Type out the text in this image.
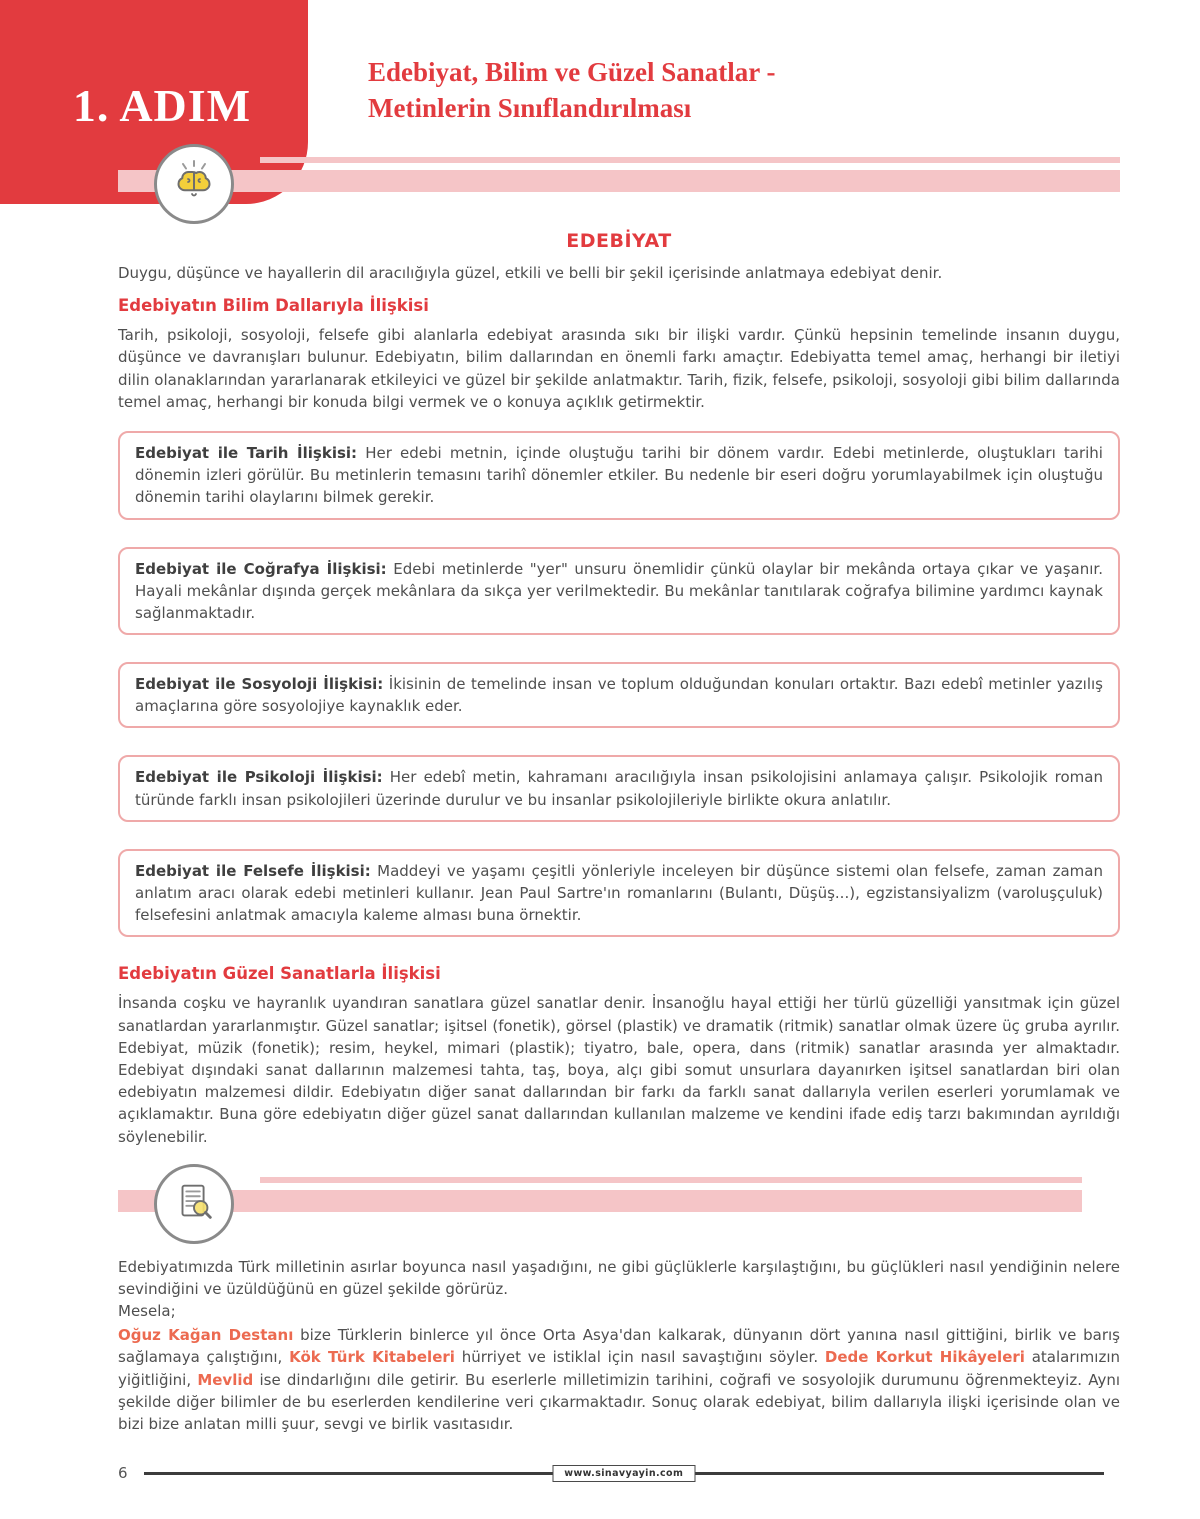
1. ADIM
Edebiyat, Bilim ve Güzel Sanatlar -
Metinlerin Sınıflandırılması
EDEBİYAT

Duygu, düşünce ve hayallerin dil aracılığıyla güzel, etkili ve belli bir şekil içerisinde anlatmaya edebiyat denir.

Edebiyatın Bilim Dallarıyla İlişkisi

Tarih, psikoloji, sosyoloji, felsefe gibi alanlarla edebiyat arasında sıkı bir ilişki vardır. Çünkü hepsinin temelinde insanın duygu, düşünce ve davranışları bulunur. Edebiyatın, bilim dallarından en önemli farkı amaçtır. Edebiyatta temel amaç, herhangi bir iletiyi dilin olanaklarından yararlanarak etkileyici ve güzel bir şekilde anlatmaktır. Tarih, fizik, felsefe, psikoloji, sosyoloji gibi bilim dallarında temel amaç, herhangi bir konuda bilgi vermek ve o konuya açıklık getirmektir.

Edebiyat ile Tarih İlişkisi: Her edebi metnin, içinde oluştuğu tarihi bir dönem vardır. Edebi metinlerde, oluştukları tarihi dönemin izleri görülür. Bu metinlerin temasını tarihî dönemler etkiler. Bu nedenle bir eseri doğru yorumlayabilmek için oluştuğu dönemin tarihi olaylarını bilmek gerekir.

Edebiyat ile Coğrafya İlişkisi: Edebi metinlerde "yer" unsuru önemlidir çünkü olaylar bir mekânda ortaya çıkar ve yaşanır. Hayali mekânlar dışında gerçek mekânlara da sıkça yer verilmektedir. Bu mekânlar tanıtılarak coğrafya bilimine yardımcı kaynak sağlanmaktadır.

Edebiyat ile Sosyoloji İlişkisi: İkisinin de temelinde insan ve toplum olduğundan konuları ortaktır. Bazı edebî metinler yazılış amaçlarına göre sosyolojiye kaynaklık eder.

Edebiyat ile Psikoloji İlişkisi: Her edebî metin, kahramanı aracılığıyla insan psikolojisini anlamaya çalışır. Psikolojik roman türünde farklı insan psikolojileri üzerinde durulur ve bu insanlar psikolojileriyle birlikte okura anlatılır.

Edebiyat ile Felsefe İlişkisi: Maddeyi ve yaşamı çeşitli yönleriyle inceleyen bir düşünce sistemi olan felsefe, zaman zaman anlatım aracı olarak edebi metinleri kullanır. Jean Paul Sartre'ın romanlarını (Bulantı, Düşüş...), egzistansiyalizm (varoluşçuluk) felsefesini anlatmak amacıyla kaleme alması buna örnektir.

Edebiyatın Güzel Sanatlarla İlişkisi

İnsanda coşku ve hayranlık uyandıran sanatlara güzel sanatlar denir. İnsanoğlu hayal ettiği her türlü güzelliği yansıtmak için güzel sanatlardan yararlanmıştır. Güzel sanatlar; işitsel (fonetik), görsel (plastik) ve dramatik (ritmik) sanatlar olmak üzere üç gruba ayrılır. Edebiyat, müzik (fonetik); resim, heykel, mimari (plastik); tiyatro, bale, opera, dans (ritmik) sanatlar arasında yer almaktadır. Edebiyat dışındaki sanat dallarının malzemesi tahta, taş, boya, alçı gibi somut unsurlara dayanırken işitsel sanatlardan biri olan edebiyatın malzemesi dildir. Edebiyatın diğer sanat dallarından bir farkı da farklı sanat dallarıyla verilen eserleri yorumlamak ve açıklamaktır. Buna göre edebiyatın diğer güzel sanat dallarından kullanılan malzeme ve kendini ifade ediş tarzı bakımından ayrıldığı söylenebilir.

Edebiyatımızda Türk milletinin asırlar boyunca nasıl yaşadığını, ne gibi güçlüklerle karşılaştığını, bu güçlükleri nasıl yendiğinin nelere sevindiğini ve üzüldüğünü en güzel şekilde görürüz.

Mesela;

Oğuz Kağan Destanı bize Türklerin binlerce yıl önce Orta Asya'dan kalkarak, dünyanın dört yanına nasıl gittiğini, birlik ve barış sağlamaya çalıştığını, Kök Türk Kitabeleri hürriyet ve istiklal için nasıl savaştığını söyler. Dede Korkut Hikâyeleri atalarımızın yiğitliğini, Mevlid ise dindarlığını dile getirir. Bu eserlerle milletimizin tarihini, coğrafi ve sosyolojik durumunu öğrenmekteyiz. Aynı şekilde diğer bilimler de bu eserlerden kendilerine veri çıkarmaktadır. Sonuç olarak edebiyat, bilim dallarıyla ilişki içerisinde olan ve bizi bize anlatan milli şuur, sevgi ve birlik vasıtasıdır.

6	www.sinavyayin.com
